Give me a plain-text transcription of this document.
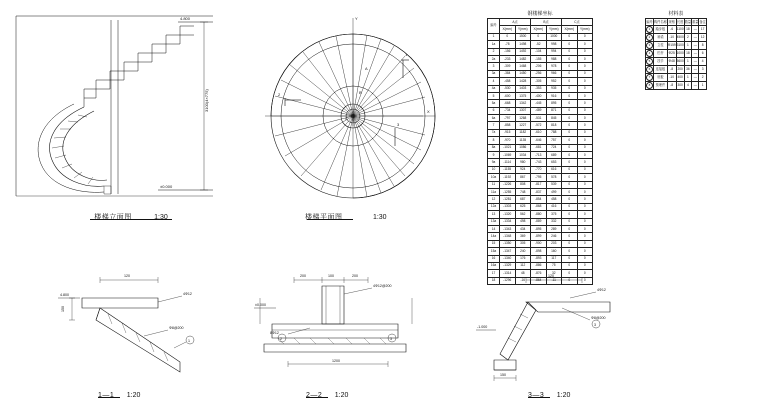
4.800
±0.000
3100(4×775)
楼梯立面图	1:30
Y
X
1
2
3
A
B
C
楼梯平面图	1:30
钢楼梯坐标
编号	A点		B点		C点	
	X(mm)	Y(mm)	X(mm)	Y(mm)	X(mm)	Y(mm)
1	0	1500	0	1000	0	0
1a	-78	1498	-52	998	0	0
2	-156	1492	-104	994	0	0
2a	-233	1482	-155	988	0	0
3	-309	1468	-206	978	0	0
3a	-384	1450	-256	966	0	0
4	-458	1428	-305	952	0	0
4a	-530	1403	-353	935	0	0
5	-600	1375	-400	916	0	0
5a	-668	1342	-445	895	0	0
6	-734	1307	-489	871	0	0
6a	-797	1268	-531	845	0	0
7	-858	1227	-572	818	0	0
7a	-915	1182	-610	788	0	0
8	-970	1135	-646	757	0	0
8a	-1021	1086	-681	724	0	0
9	-1069	1034	-713	689	0	0
9a	-1114	980	-743	653	0	0
10	-1155	924	-770	616	0	0
10a	-1192	867	-795	578	0	0
11	-1226	808	-817	539	0	0
11a	-1255	748	-837	499	0	0
12	-1281	687	-854	458	0	0
12a	-1303	625	-868	416	0	0
13	-1320	562	-880	375	0	0
13a	-1334	498	-889	332	0	0
14	-1343	434	-895	289	0	0
14a	-1348	369	-899	246	0	0
15	-1350	305	-900	203	0	0
15a	-1347	240	-898	160	0	0
16	-1340	176	-893	117	0	0
16a	-1329	112	-886	75	0	0
17	-1314	48	-876	32	0	0
18	-1296	-16	-864	-11	0	0
材料表
编号	构件名称	规格	长度	数量	重量	备注
1	踏步板	-6	1100	18	—	17
2	斜梁	-10	4500	2	—	12
3	立柱	Φ159	3100	1	—	8
4	栏杆	Φ25	1000	18	—	6
5	扶手	Φ48	5600	1	—	4
6	连接板	-8	200	36	—	3
7	底板	-10	400	1	—	2
8	预埋件	-8	300	4	—	1
120
4.800
150
4Φ12
Φ8@200
1
1—1 1:20
200	100	200
±0.000
4Φ12@200
8Φ12
2	3
1200
2—2 1:20
120
-1.000
4Φ12
Φ8@200
3
150
3—3 1:20
